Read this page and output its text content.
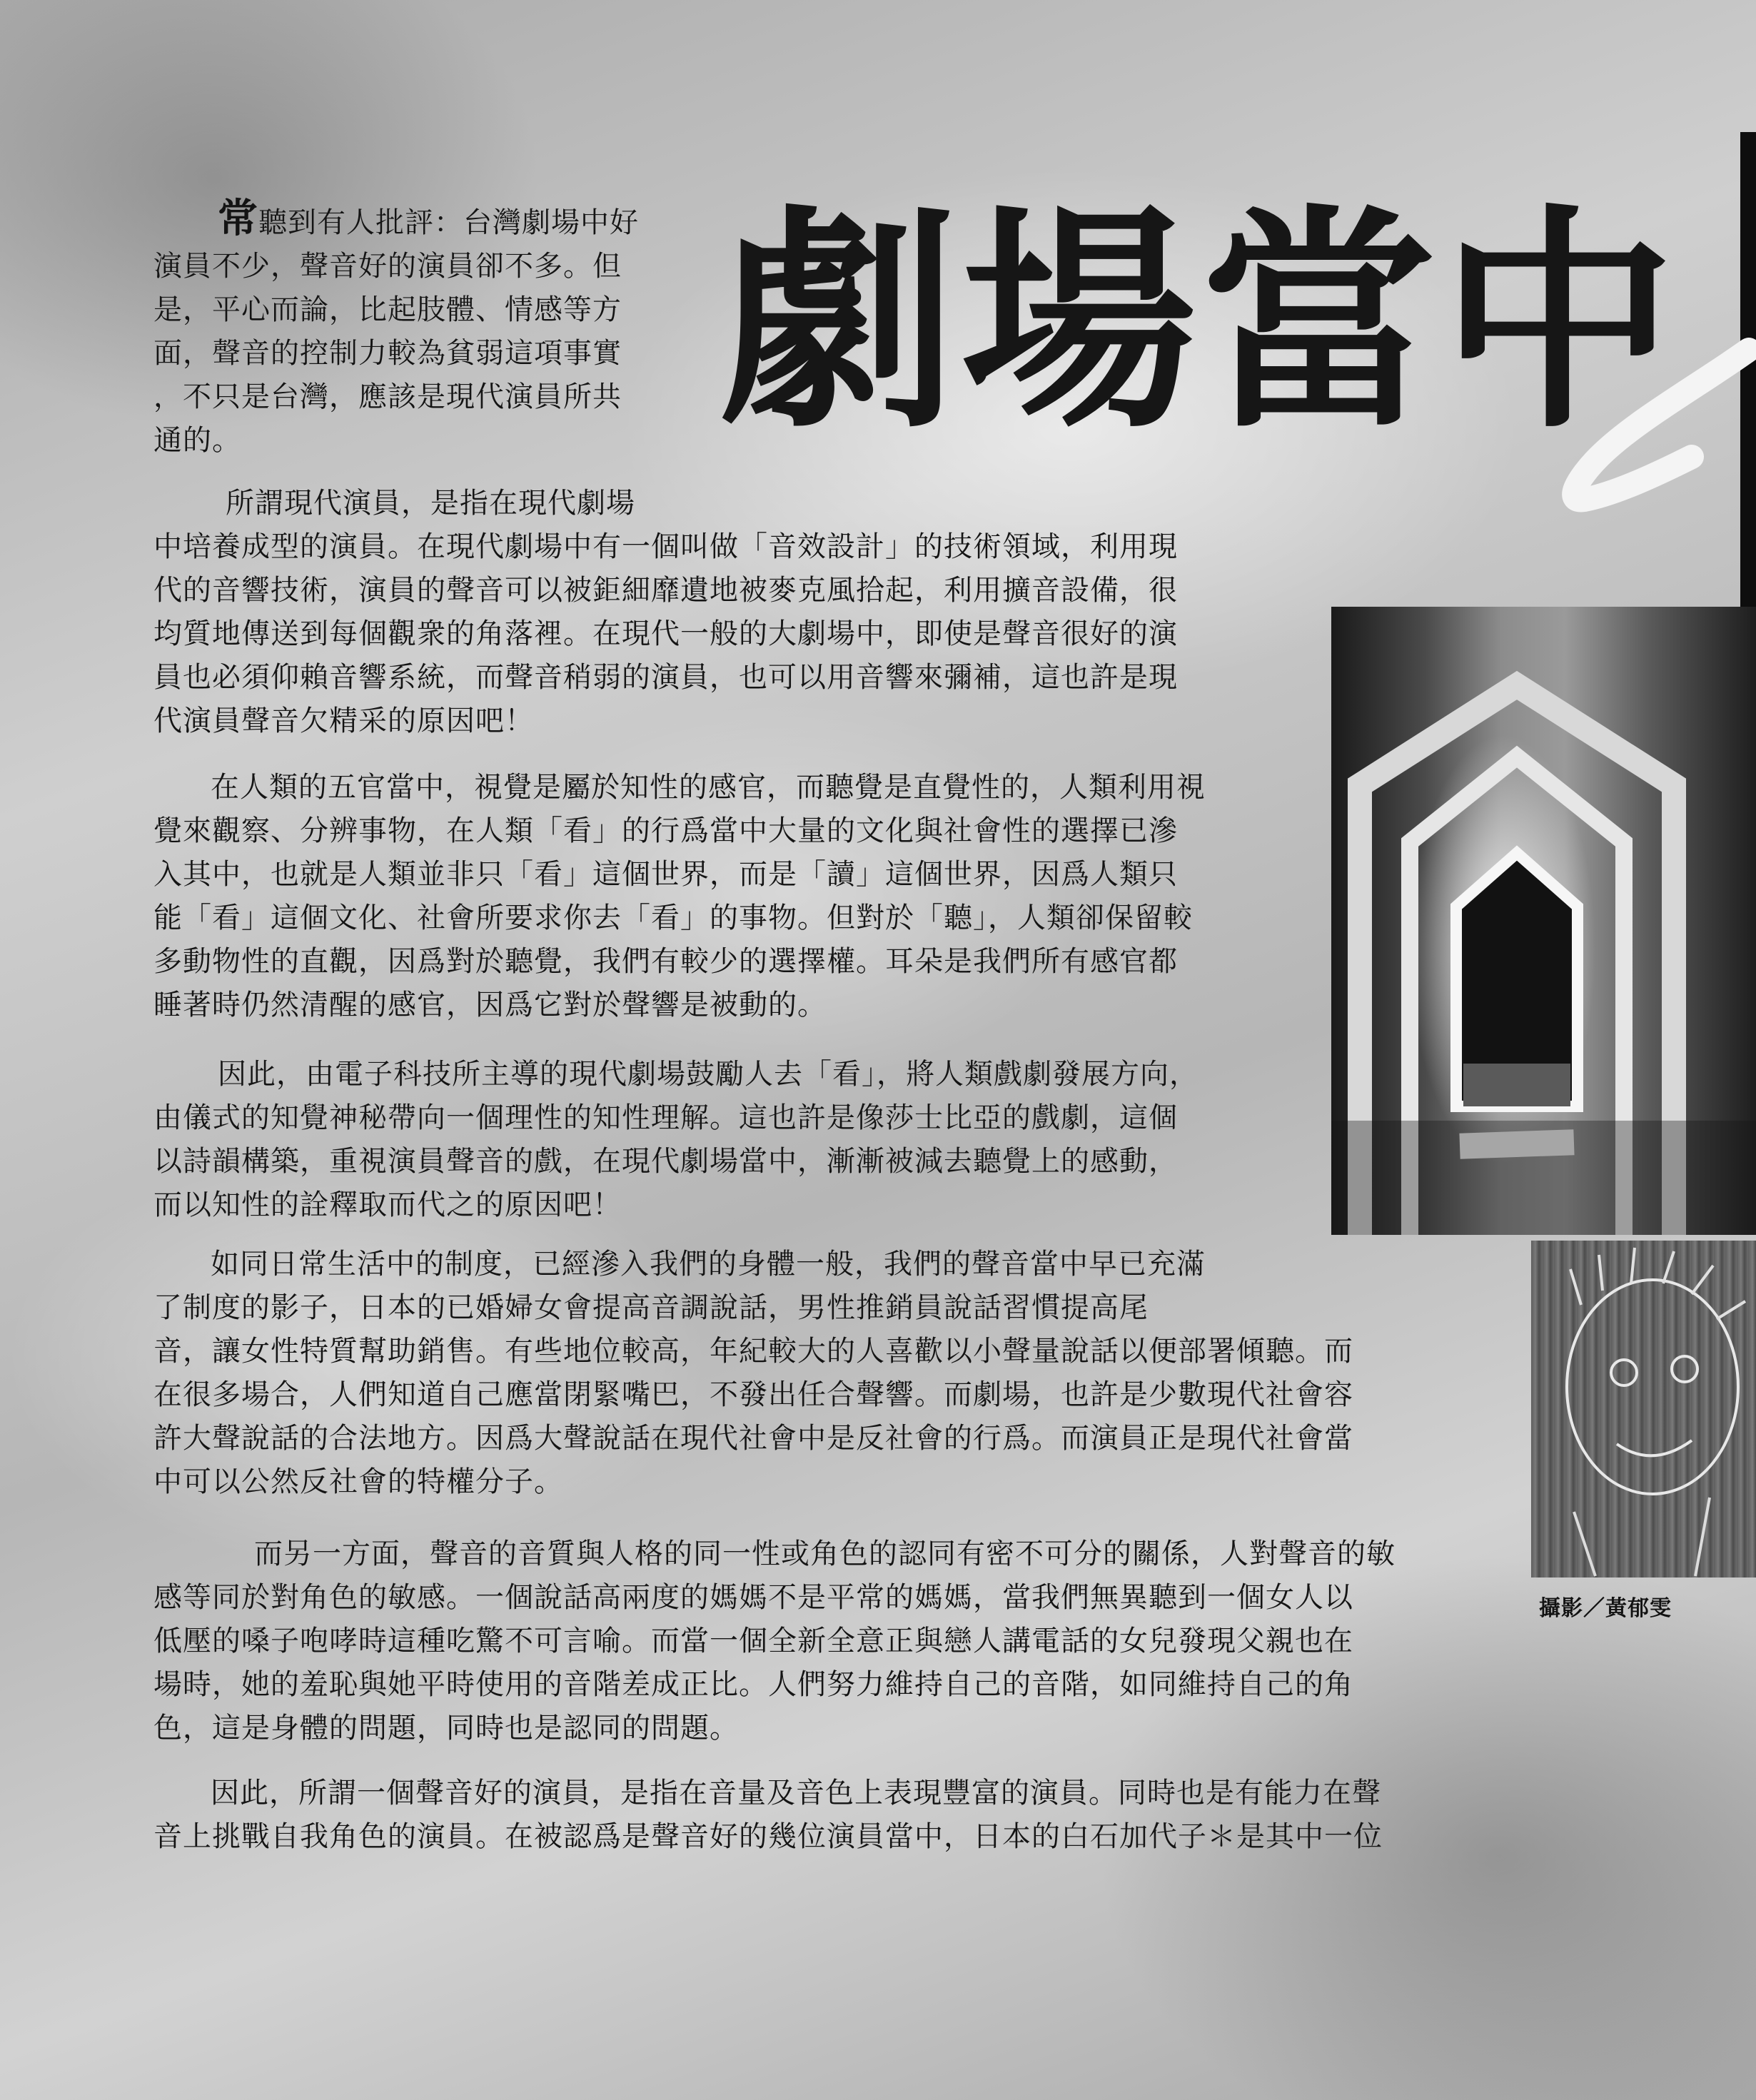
劇場當中
常聽到有人批評：台灣劇場中好
演員不少，聲音好的演員卻不多。但
是，平心而論，比起肢體、情感等方
面，聲音的控制力較為貧弱這項事實
，不只是台灣，應該是現代演員所共
通的。
　所謂現代演員，是指在現代劇場
中培養成型的演員。在現代劇場中有一個叫做「音效設計」的技術領域，利用現
代的音響技術，演員的聲音可以被鉅細靡遺地被麥克風拾起，利用擴音設備，很
均質地傳送到每個觀衆的角落裡。在現代一般的大劇場中，即使是聲音很好的演
員也必須仰賴音響系統，而聲音稍弱的演員，也可以用音響來彌補，這也許是現
代演員聲音欠精采的原因吧！
在人類的五官當中，視覺是屬於知性的感官，而聽覺是直覺性的，人類利用視
覺來觀察、分辨事物，在人類「看」的行爲當中大量的文化與社會性的選擇已滲
入其中，也就是人類並非只「看」這個世界，而是「讀」這個世界，因爲人類只
能「看」這個文化、社會所要求你去「看」的事物。但對於「聽」，人類卻保留較
多動物性的直觀，因爲對於聽覺，我們有較少的選擇權。耳朵是我們所有感官都
睡著時仍然清醒的感官，因爲它對於聲響是被動的。
因此，由電子科技所主導的現代劇場鼓勵人去「看」，將人類戲劇發展方向，
由儀式的知覺神秘帶向一個理性的知性理解。這也許是像莎士比亞的戲劇，這個
以詩韻構築，重視演員聲音的戲，在現代劇場當中，漸漸被減去聽覺上的感動，
而以知性的詮釋取而代之的原因吧！
如同日常生活中的制度，已經滲入我們的身體一般，我們的聲音當中早已充滿
了制度的影子，日本的已婚婦女會提高音調說話，男性推銷員說話習慣提高尾
音，讓女性特質幫助銷售。有些地位較高，年紀較大的人喜歡以小聲量說話以便部署傾聽。而
在很多場合，人們知道自己應當閉緊嘴巴，不發出任合聲響。而劇場，也許是少數現代社會容
許大聲說話的合法地方。因爲大聲說話在現代社會中是反社會的行爲。而演員正是現代社會當
中可以公然反社會的特權分子。
　而另一方面，聲音的音質與人格的同一性或角色的認同有密不可分的關係，人對聲音的敏
感等同於對角色的敏感。一個說話高兩度的媽媽不是平常的媽媽，當我們無異聽到一個女人以
低壓的嗓子咆哮時這種吃驚不可言喻。而當一個全新全意正與戀人講電話的女兒發現父親也在
場時，她的羞恥與她平時使用的音階差成正比。人們努力維持自己的音階，如同維持自己的角
色，這是身體的問題，同時也是認同的問題。
因此，所謂一個聲音好的演員，是指在音量及音色上表現豐富的演員。同時也是有能力在聲
音上挑戰自我角色的演員。在被認爲是聲音好的幾位演員當中，日本的白石加代子＊是其中一位
攝影／黃郁雯
